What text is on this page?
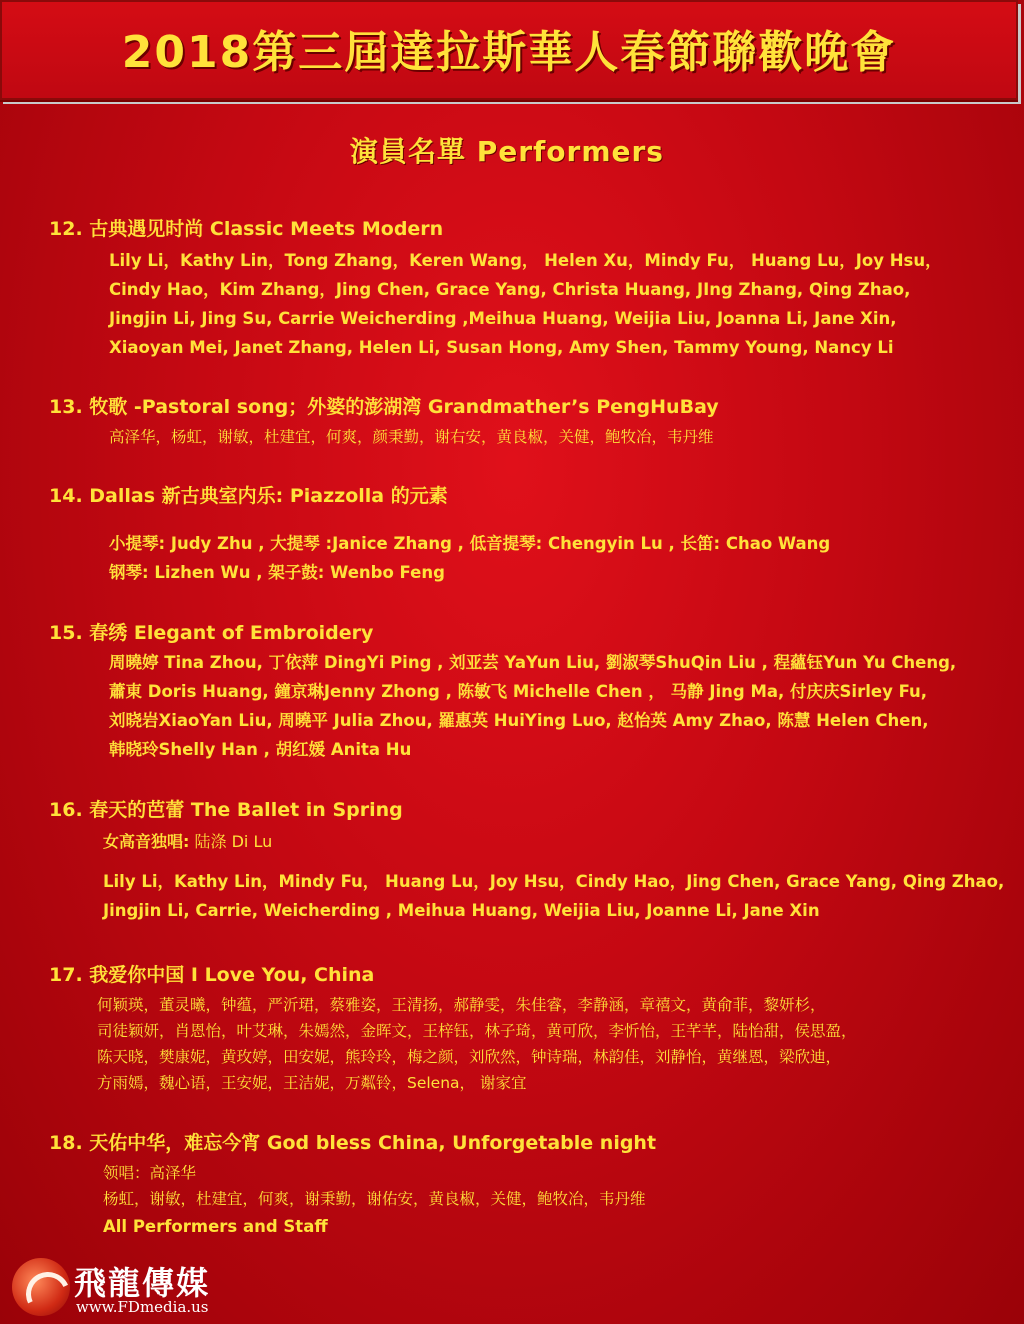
2018第三屆達拉斯華人春節聯歡晚會
演員名單 Performers
12. 古典遇见时尚 Classic Meets Modern
Lily Li，Kathy Lin，Tong Zhang，Keren Wang， Helen Xu，Mindy Fu， Huang Lu，Joy Hsu，
Cindy Hao，Kim Zhang，Jing Chen, Grace Yang, Christa Huang, JIng Zhang, Qing Zhao,
Jingjin Li, Jing Su, Carrie Weicherding ,Meihua Huang, Weijia Liu, Joanna Li, Jane Xin,
Xiaoyan Mei, Janet Zhang, Helen Li, Susan Hong, Amy Shen, Tammy Young, Nancy Li
13. 牧歌 -Pastoral song；外婆的澎湖湾 Grandmather’s PengHuBay
高泽华，杨虹，谢敏，杜建宜，何爽，颜秉勤，谢右安，黄良椒，关健，鲍牧冶，韦丹维
14. Dallas 新古典室内乐: Piazzolla 的元素
小提琴: Judy Zhu , 大提琴 :Janice Zhang , 低音提琴: Chengyin Lu , 长笛: Chao Wang
钢琴: Lizhen Wu , 架子鼓: Wenbo Feng
15. 春绣 Elegant of Embroidery
周曉婷 Tina Zhou, 丁依萍 DingYi Ping , 刘亚芸 YaYun Liu, 劉淑琴ShuQin Liu , 程蘊钰Yun Yu Cheng,
蕭東 Doris Huang, 鐘京琳Jenny Zhong , 陈敏飞 Michelle Chen ， 马静 Jing Ma, 付庆庆Sirley Fu,
刘晓岩XiaoYan Liu, 周曉平 Julia Zhou, 羅惠英 HuiYing Luo, 赵怡英 Amy Zhao, 陈慧 Helen Chen,
韩晓玲Shelly Han , 胡红媛 Anita Hu
16. 春天的芭蕾 The Ballet in Spring
女高音独唱: 陆涤 Di Lu
Lily Li，Kathy Lin，Mindy Fu， Huang Lu，Joy Hsu，Cindy Hao，Jing Chen, Grace Yang, Qing Zhao,
Jingjin Li, Carrie, Weicherding , Meihua Huang, Weijia Liu, Joanne Li, Jane Xin
17. 我爱你中国 I Love You, China
何颖瑛，董灵曦，钟蕴，严沂珺，蔡雅姿，王清扬，郝静雯，朱佳睿，李静涵，章禧文，黄俞菲，黎妍杉，
司徒颖妍，肖恩怡，叶艾琳，朱嫣然，金晖文，王梓钰，林子琦，黄可欣，李忻怡，王芊芊，陆怡甜，侯思盈，
陈天晓，樊康妮，黄玫婷，田安妮，熊玲玲，梅之颜，刘欣然，钟诗瑞，林韵佳，刘静怡，黄继恩，梁欣迪，
方雨嫣，魏心语，王安妮，王洁妮，万粼铃，Selena， 谢家宜
18. 天佑中华，难忘今宵 God bless China, Unforgetable night
领唱：高泽华
杨虹，谢敏，杜建宜，何爽，谢秉勤，谢佑安，黄良椒，关健，鲍牧冶，韦丹维
All Performers and Staff
飛龍傳媒
www.FDmedia.us
